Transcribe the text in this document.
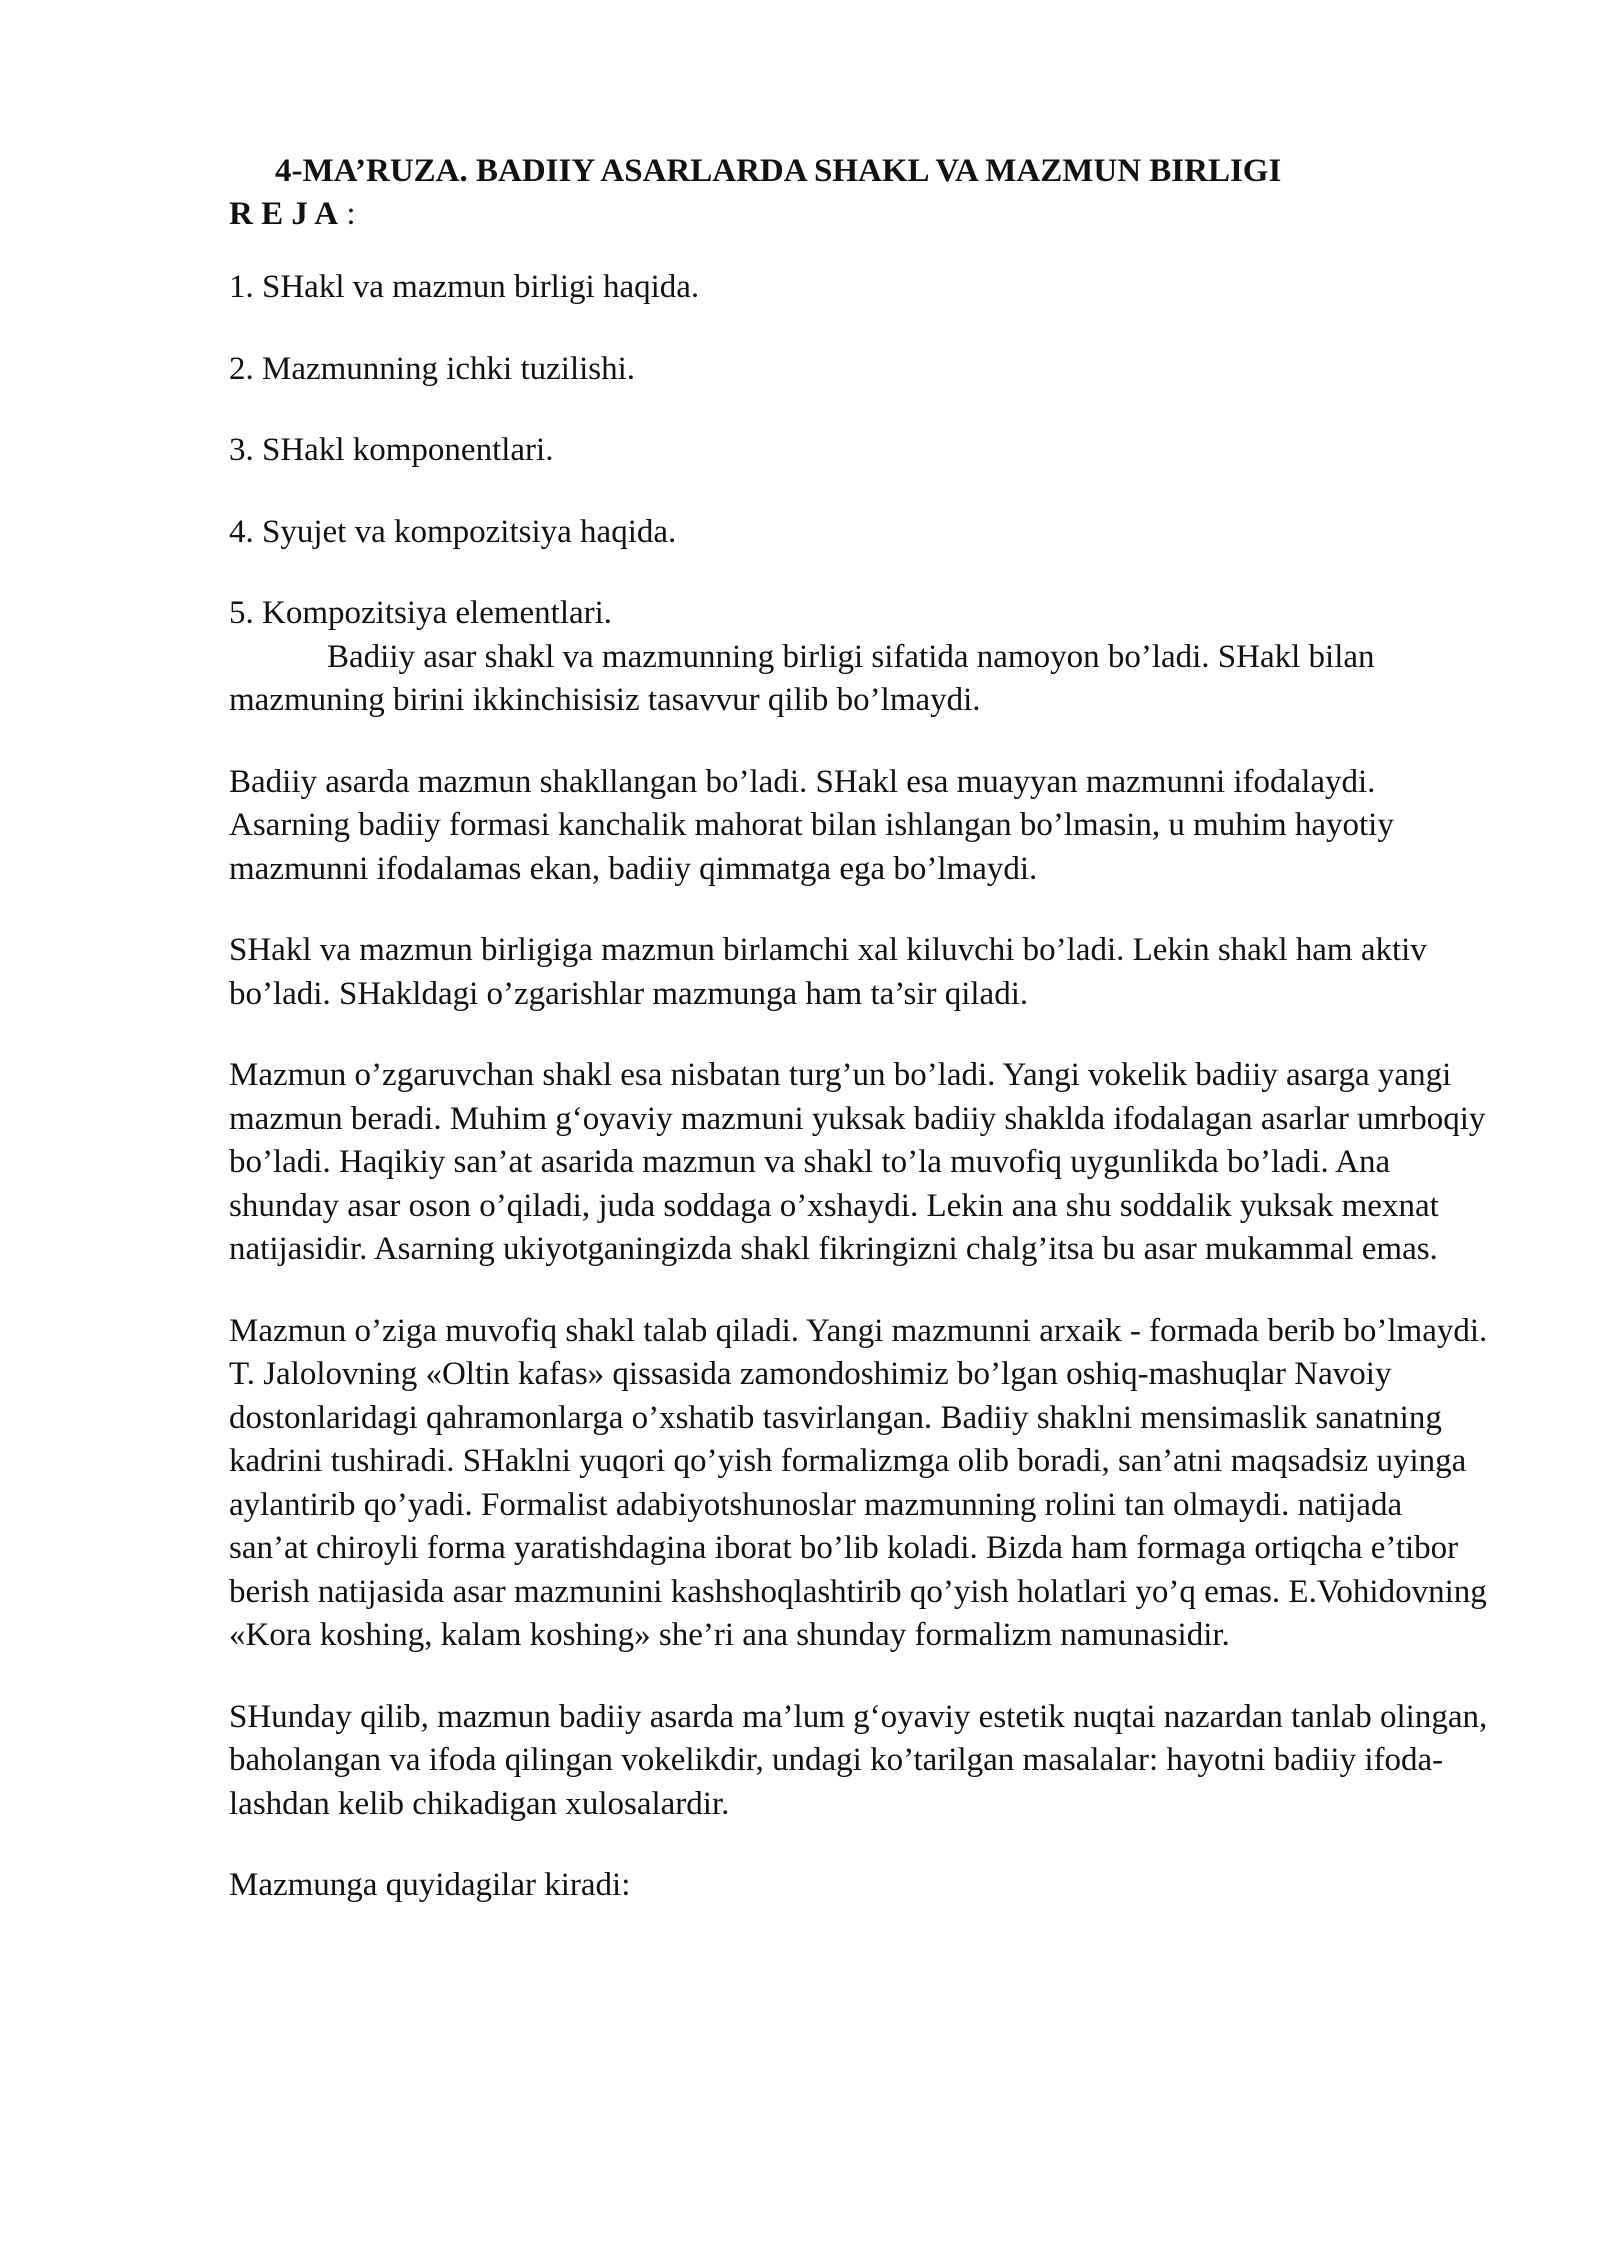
4-MA’RUZA. BADIIY ASARLARDA SHAKL VA MAZMUN BIRLIGI

R E J A :

1. SHakl va mazmun birligi haqida.
2. Mazmunning ichki tuzilishi.
3. SHakl komponentlari.
4. Syujet va kompozitsiya haqida.
5. Kompozitsiya elementlari.

Badiiy asar shakl va mazmunning birligi sifatida namoyon bo’ladi. SHakl bilan mazmuning birini ikkinchisisiz tasavvur qilib bo’lmaydi.

Badiiy asarda mazmun shakllangan bo’ladi. SHakl esa muayyan mazmunni ifodalaydi. Asarning badiiy formasi kanchalik mahorat bilan ishlangan bo’lmasin, u muhim hayotiy mazmunni ifodalamas ekan, badiiy qimmatga ega bo’lmaydi.

SHakl va mazmun birligiga mazmun birlamchi xal kiluvchi bo’ladi. Lekin shakl ham aktiv bo’ladi. SHakldagi o’zgarishlar mazmunga ham ta’sir qiladi.

Mazmun o’zgaruvchan shakl esa nisbatan turg’un bo’ladi. Yangi vokelik badiiy asarga yangi mazmun beradi. Muhim g‘oyaviy mazmuni yuksak badiiy shaklda ifodalagan asarlar umrboqiy bo’ladi. Haqikiy san’at asarida mazmun va shakl to’la muvofiq uygunlikda bo’ladi. Ana shunday asar oson o’qiladi, juda soddaga o’xshaydi. Lekin ana shu soddalik yuksak mexnat natijasidir. Asarning ukiyotganingizda shakl fikringizni chalg’itsa bu asar mukammal emas.

Mazmun o’ziga muvofiq shakl talab qiladi. Yangi mazmunni arxaik - formada berib bo’lmaydi. T. Jalolovning «Oltin kafas» qissasida zamondoshimiz bo’lgan oshiq-mashuqlar Navoiy dostonlaridagi qahramonlarga o’xshatib tasvirlangan. Badiiy shaklni mensimaslik sanatning kadrini tushiradi. SHaklni yuqori qo’yish formalizmga olib boradi, san’atni maqsadsiz uyinga aylantirib qo’yadi. Formalist adabiyotshunoslar mazmunning rolini tan olmaydi. natijada san’at chiroyli forma yaratishdagina iborat bo’lib koladi. Bizda ham formaga ortiqcha e’tibor berish natijasida asar mazmunini kashshoqlashtirib qo’yish holatlari yo’q emas. E.Vohidovning «Kora koshing, kalam koshing» she’ri ana shunday formalizm namunasidir.

SHunday qilib, mazmun badiiy asarda ma’lum g‘oyaviy estetik nuqtai nazardan tanlab olingan, baholangan va ifoda qilingan vokelikdir, undagi ko’tarilgan masalalar: hayotni badiiy ifoda-lashdan kelib chikadigan xulosalardir.

Mazmunga quyidagilar kiradi:
